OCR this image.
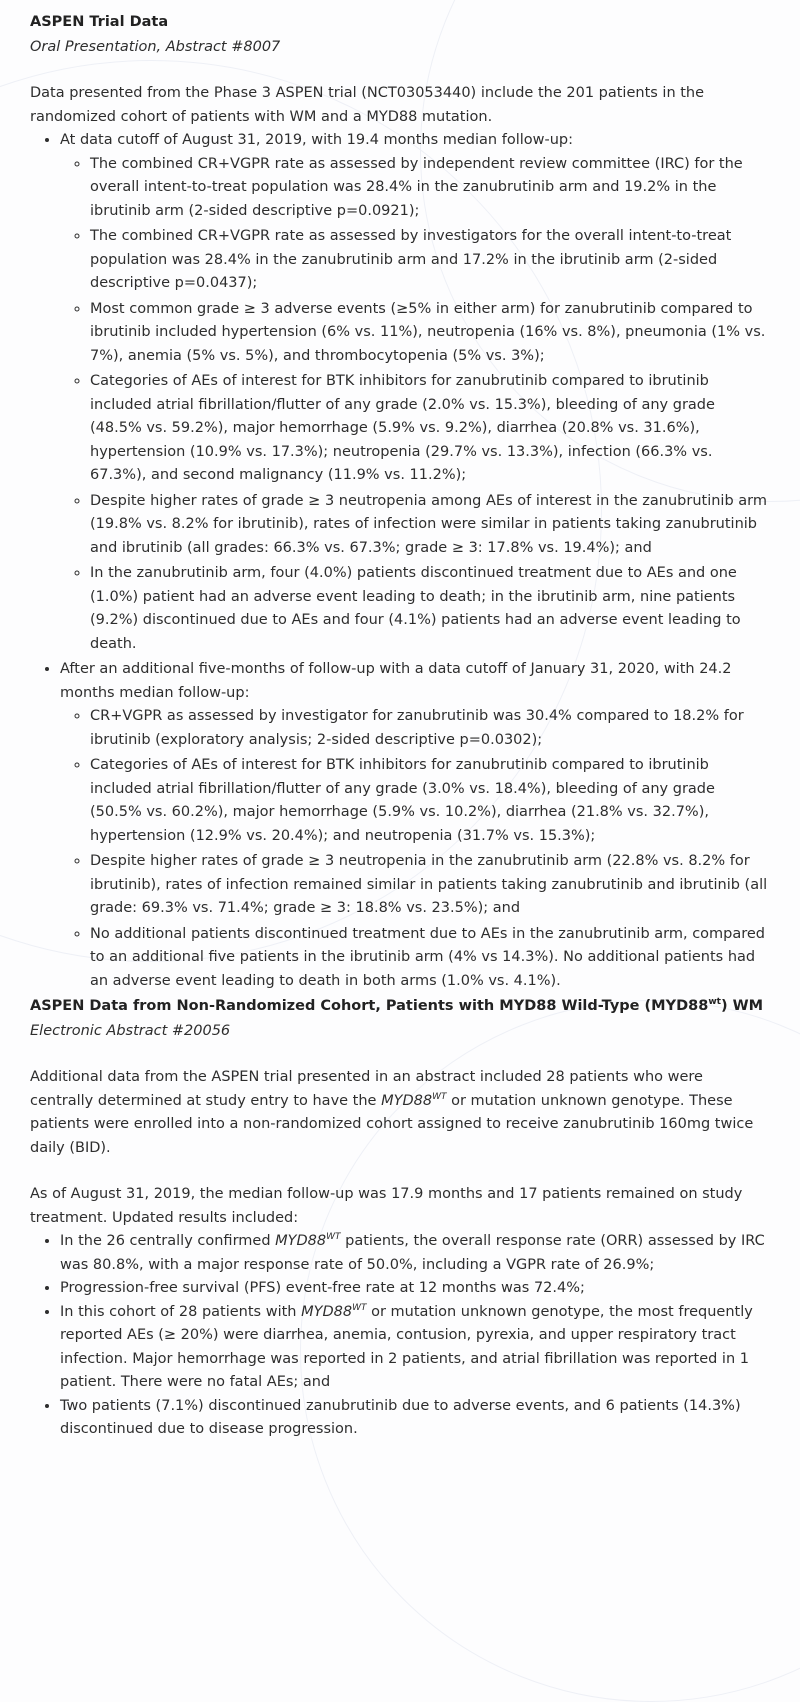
ASPEN Trial Data

Oral Presentation, Abstract #8007

Data presented from the Phase 3 ASPEN trial (NCT03053440) include the 201 patients in the randomized cohort of patients with WM and a MYD88 mutation.

• At data cutoff of August 31, 2019, with 19.4 months median follow-up:
◦ The combined CR+VGPR rate as assessed by independent review committee (IRC) for the overall intent-to-treat population was 28.4% in the zanubrutinib arm and 19.2% in the ibrutinib arm (2-sided descriptive p=0.0921);
◦ The combined CR+VGPR rate as assessed by investigators for the overall intent-to-treat population was 28.4% in the zanubrutinib arm and 17.2% in the ibrutinib arm (2-sided descriptive p=0.0437);
◦ Most common grade ≥ 3 adverse events (≥5% in either arm) for zanubrutinib compared to ibrutinib included hypertension (6% vs. 11%), neutropenia (16% vs. 8%), pneumonia (1% vs. 7%), anemia (5% vs. 5%), and thrombocytopenia (5% vs. 3%);
◦ Categories of AEs of interest for BTK inhibitors for zanubrutinib compared to ibrutinib included atrial fibrillation/flutter of any grade (2.0% vs. 15.3%), bleeding of any grade (48.5% vs. 59.2%), major hemorrhage (5.9% vs. 9.2%), diarrhea (20.8% vs. 31.6%), hypertension (10.9% vs. 17.3%); neutropenia (29.7% vs. 13.3%), infection (66.3% vs. 67.3%), and second malignancy (11.9% vs. 11.2%);
◦ Despite higher rates of grade ≥ 3 neutropenia among AEs of interest in the zanubrutinib arm (19.8% vs. 8.2% for ibrutinib), rates of infection were similar in patients taking zanubrutinib and ibrutinib (all grades: 66.3% vs. 67.3%; grade ≥ 3: 17.8% vs. 19.4%); and
◦ In the zanubrutinib arm, four (4.0%) patients discontinued treatment due to AEs and one (1.0%) patient had an adverse event leading to death; in the ibrutinib arm, nine patients (9.2%) discontinued due to AEs and four (4.1%) patients had an adverse event leading to death.
• After an additional five-months of follow-up with a data cutoff of January 31, 2020, with 24.2 months median follow-up:
◦ CR+VGPR as assessed by investigator for zanubrutinib was 30.4% compared to 18.2% for ibrutinib (exploratory analysis; 2-sided descriptive p=0.0302);
◦ Categories of AEs of interest for BTK inhibitors for zanubrutinib compared to ibrutinib included atrial fibrillation/flutter of any grade (3.0% vs. 18.4%), bleeding of any grade (50.5% vs. 60.2%), major hemorrhage (5.9% vs. 10.2%), diarrhea (21.8% vs. 32.7%), hypertension (12.9% vs. 20.4%); and neutropenia (31.7% vs. 15.3%);
◦ Despite higher rates of grade ≥ 3 neutropenia in the zanubrutinib arm (22.8% vs. 8.2% for ibrutinib), rates of infection remained similar in patients taking zanubrutinib and ibrutinib (all grade: 69.3% vs. 71.4%; grade ≥ 3: 18.8% vs. 23.5%); and
◦ No additional patients discontinued treatment due to AEs in the zanubrutinib arm, compared to an additional five patients in the ibrutinib arm (4% vs 14.3%). No additional patients had an adverse event leading to death in both arms (1.0% vs. 4.1%).
ASPEN Data from Non-Randomized Cohort, Patients with MYD88 Wild-Type $(MYD88^{wt})$ WM

Electronic Abstract #20056

Additional data from the ASPEN trial presented in an abstract included 28 patients who were centrally determined at study entry to have the $MYD88^{WT}$ or mutation unknown genotype. These patients were enrolled into a non-randomized cohort assigned to receive zanubrutinib 160mg twice daily (BID).

As of August 31, 2019, the median follow-up was 17.9 months and 17 patients remained on study treatment. Updated results included:

• In the 26 centrally confirmed $MYD88^{WT}$ patients, the overall response rate (ORR) assessed by IRC was 80.8%, with a major response rate of 50.0%, including a VGPR rate of 26.9%;
• Progression-free survival (PFS) event-free rate at 12 months was 72.4%;
• In this cohort of 28 patients with $MYD88^{WT}$ or mutation unknown genotype, the most frequently reported AEs (≥ 20%) were diarrhea, anemia, contusion, pyrexia, and upper respiratory tract infection. Major hemorrhage was reported in 2 patients, and atrial fibrillation was reported in 1 patient. There were no fatal AEs; and
• Two patients (7.1%) discontinued zanubrutinib due to adverse events, and 6 patients (14.3%) discontinued due to disease progression.
